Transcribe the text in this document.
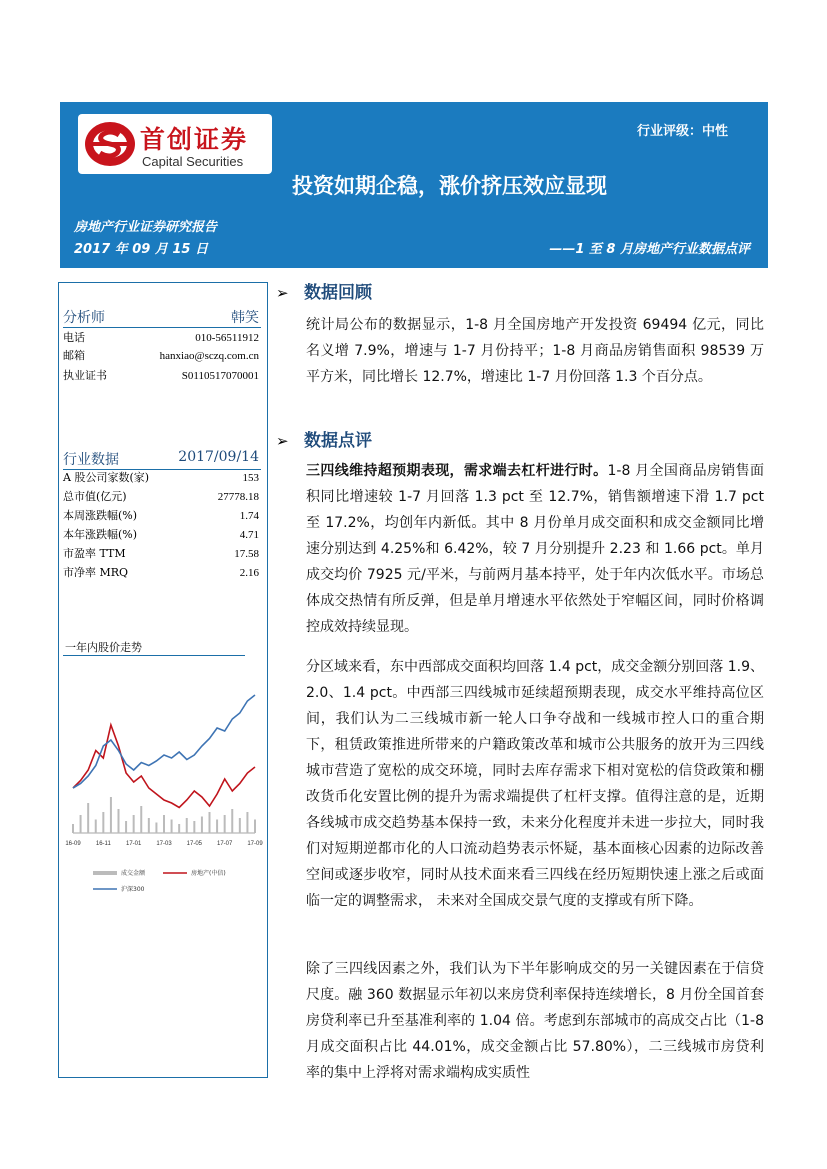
首创证券
Capital Securities
行业评级：中性
投资如期企稳，涨价挤压效应显现
房地产行业证券研究报告
2017 年 09 月 15 日	——1 至 8 月房地产行业数据点评
分析师	韩笑
电话	010-56511912
邮箱	hanxiao@sczq.com.cn
执业证书	S0110517070001
行业数据	2017/09/14
A 股公司家数(家)	153
总市值(亿元)	27778.18
本周涨跌幅(%)	1.74
本年涨跌幅(%)	4.71
市盈率 TTM	17.58
市净率 MRQ	2.16
一年内股价走势
16-09	16-11	17-01 17-03 17-05 17-07 17-09
成交金额	房地产(中信)
沪深300
➢ 数据回顾
统计局公布的数据显示，1-8 月全国房地产开发投资 69494 亿元，同比名义增 7.9%，增速与 1-7 月份持平；1-8 月商品房销售面积 98539 万平方米，同比增长 12.7%，增速比 1-7 月份回落 1.3 个百分点。
➢ 数据点评
三四线维持超预期表现，需求端去杠杆进行时。1-8 月全国商品房销售面积同比增速较 1-7 月回落 1.3 pct 至 12.7%，销售额增速下滑 1.7 pct 至 17.2%，均创年内新低。其中 8 月份单月成交面积和成交金额同比增速分别达到 4.25%和 6.42%，较 7 月分别提升 2.23 和 1.66 pct。单月成交均价 7925 元/平米，与前两月基本持平，处于年内次低水平。市场总体成交热情有所反弹，但是单月增速水平依然处于窄幅区间，同时价格调控成效持续显现。
分区域来看，东中西部成交面积均回落 1.4 pct，成交金额分别回落 1.9、2.0、1.4 pct。中西部三四线城市延续超预期表现，成交水平维持高位区间，我们认为二三线城市新一轮人口争夺战和一线城市控人口的重合期下，租赁政策推进所带来的户籍政策改革和城市公共服务的放开为三四线城市营造了宽松的成交环境，同时去库存需求下相对宽松的信贷政策和棚改货币化安置比例的提升为需求端提供了杠杆支撑。值得注意的是，近期各线城市成交趋势基本保持一致，未来分化程度并未进一步拉大，同时我们对短期逆都市化的人口流动趋势表示怀疑，基本面核心因素的边际改善空间或逐步收窄，同时从技术面来看三四线在经历短期快速上涨之后或面临一定的调整需求， 未来对全国成交景气度的支撑或有所下降。
除了三四线因素之外，我们认为下半年影响成交的另一关键因素在于信贷尺度。融 360 数据显示年初以来房贷利率保持连续增长，8 月份全国首套房贷利率已升至基准利率的 1.04 倍。考虑到东部城市的高成交占比（1-8 月成交面积占比 44.01%，成交金额占比 57.80%），二三线城市房贷利率的集中上浮将对需求端构成实质性
